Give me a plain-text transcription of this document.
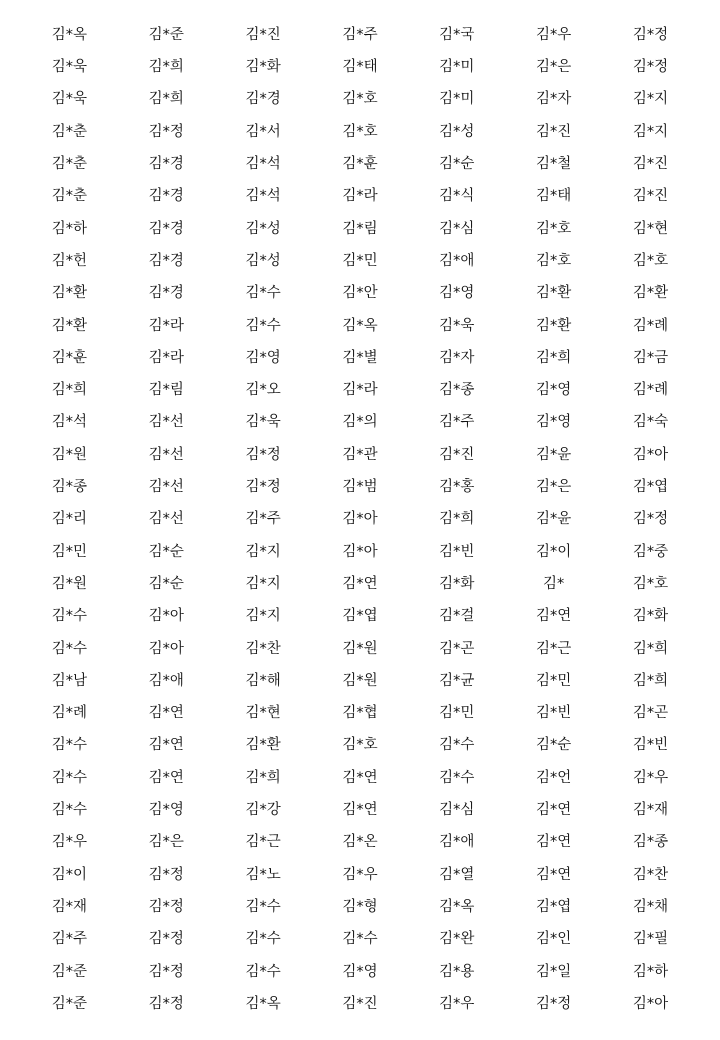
김*옥	김*준	김*진	김*주	김*국	김*우	김*정
김*욱	김*희	김*화	김*태	김*미	김*은	김*정
김*욱	김*희	김*경	김*호	김*미	김*자	김*지
김*춘	김*정	김*서	김*호	김*성	김*진	김*지
김*춘	김*경	김*석	김*훈	김*순	김*철	김*진
김*춘	김*경	김*석	김*라	김*식	김*태	김*진
김*하	김*경	김*성	김*림	김*심	김*호	김*현
김*헌	김*경	김*성	김*민	김*애	김*호	김*호
김*환	김*경	김*수	김*안	김*영	김*환	김*환
김*환	김*라	김*수	김*옥	김*욱	김*환	김*례
김*훈	김*라	김*영	김*별	김*자	김*희	김*금
김*희	김*림	김*오	김*라	김*종	김*영	김*례
김*석	김*선	김*욱	김*의	김*주	김*영	김*숙
김*원	김*선	김*정	김*관	김*진	김*윤	김*아
김*종	김*선	김*정	김*범	김*홍	김*은	김*엽
김*리	김*선	김*주	김*아	김*희	김*윤	김*정
김*민	김*순	김*지	김*아	김*빈	김*이	김*중
김*원	김*순	김*지	김*연	김*화	김*	김*호
김*수	김*아	김*지	김*엽	김*걸	김*연	김*화
김*수	김*아	김*찬	김*원	김*곤	김*근	김*희
김*남	김*애	김*해	김*원	김*균	김*민	김*희
김*례	김*연	김*현	김*협	김*민	김*빈	김*곤
김*수	김*연	김*환	김*호	김*수	김*순	김*빈
김*수	김*연	김*희	김*연	김*수	김*언	김*우
김*수	김*영	김*강	김*연	김*심	김*연	김*재
김*우	김*은	김*근	김*온	김*애	김*연	김*종
김*이	김*정	김*노	김*우	김*열	김*연	김*찬
김*재	김*정	김*수	김*형	김*옥	김*엽	김*채
김*주	김*정	김*수	김*수	김*완	김*인	김*필
김*준	김*정	김*수	김*영	김*용	김*일	김*하
김*준	김*정	김*옥	김*진	김*우	김*정	김*아
